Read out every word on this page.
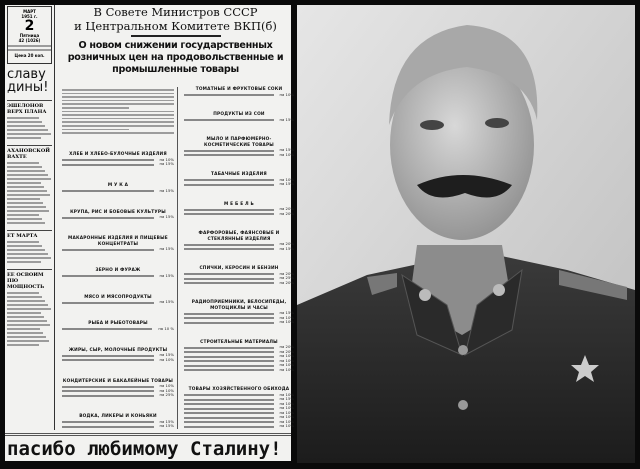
МАРТ
1951 г.
2
Пятница
42 (1026)
Цена 20 коп.
славу дины!
ЭШЕЛОНОВ ВЕРХ ПЛАНА
АХАНОВСКОЙ ВАХТЕ
ЕТ МАРТА
ЕЕ ОСВОИМ ПЮ МОЩНОСТЬ
В Совете Министров СССР
и Центральном Комитете ВКП(б)
О новом снижении государственных розничных цен на продовольственные и промышленные товары
ХЛЕБ И ХЛЕБО-БУЛОЧНЫЕ ИЗДЕЛИЯ
на 10%
на 15%
М У К А
на 15%
КРУПА, РИС И БОБОВЫЕ КУЛЬТУРЫ
на 15%
МАКАРОННЫЕ ИЗДЕЛИЯ И ПИЩЕВЫЕ КОНЦЕНТРАТЫ
на 15%
ЗЕРНО И ФУРАЖ
на 15%
МЯСО И МЯСОПРОДУКТЫ
на 15%
РЫБА И РЫБОТОВАРЫ
на 10 %
ЖИРЫ, СЫР, МОЛОЧНЫЕ ПРОДУКТЫ
на 15%
на 10%
КОНДИТЕРСКИЕ И БАКАЛЕЙНЫЕ ТОВАРЫ
на 10%
на 10%
на 25%
ВОДКА, ЛИКЕРЫ И КОНЬЯКИ
на 15%
на 15%
ТОМАТНЫЕ И ФРУКТОВЫЕ СОКИ
на 10%
ПРОДУКТЫ ИЗ СОИ
на 15%
МЫЛО И ПАРФЮМЕРНО-КОСМЕТИЧЕСКИЕ ТОВАРЫ
на 15%
на 10%
ТАБАЧНЫЕ ИЗДЕЛИЯ
на 10%
на 15%
М Е Б Е Л Ь
на 20%
на 20%
ФАРФОРОВЫЕ, ФАЯНСОВЫЕ И СТЕКЛЯННЫЕ ИЗДЕЛИЯ
на 20%
на 15%
СПИЧКИ, КЕРОСИН И БЕНЗИН
на 20%
на 25%
на 20%
РАДИОПРИЕМНИКИ, ВЕЛОСИПЕДЫ, МОТОЦИКЛЫ И ЧАСЫ
на 15%
на 10%
на 10%
СТРОИТЕЛЬНЫЕ МАТЕРИАЛЫ
на 20%
на 20%
на 10%
на 10%
на 10%
на 10%
ТОВАРЫ ХОЗЯЙСТВЕННОГО ОБИХОДА
на 10%
на 15%
на 10%
на 10%
на 10%
на 10%
на 10%
на 10%
пасибо любимому Сталину!
